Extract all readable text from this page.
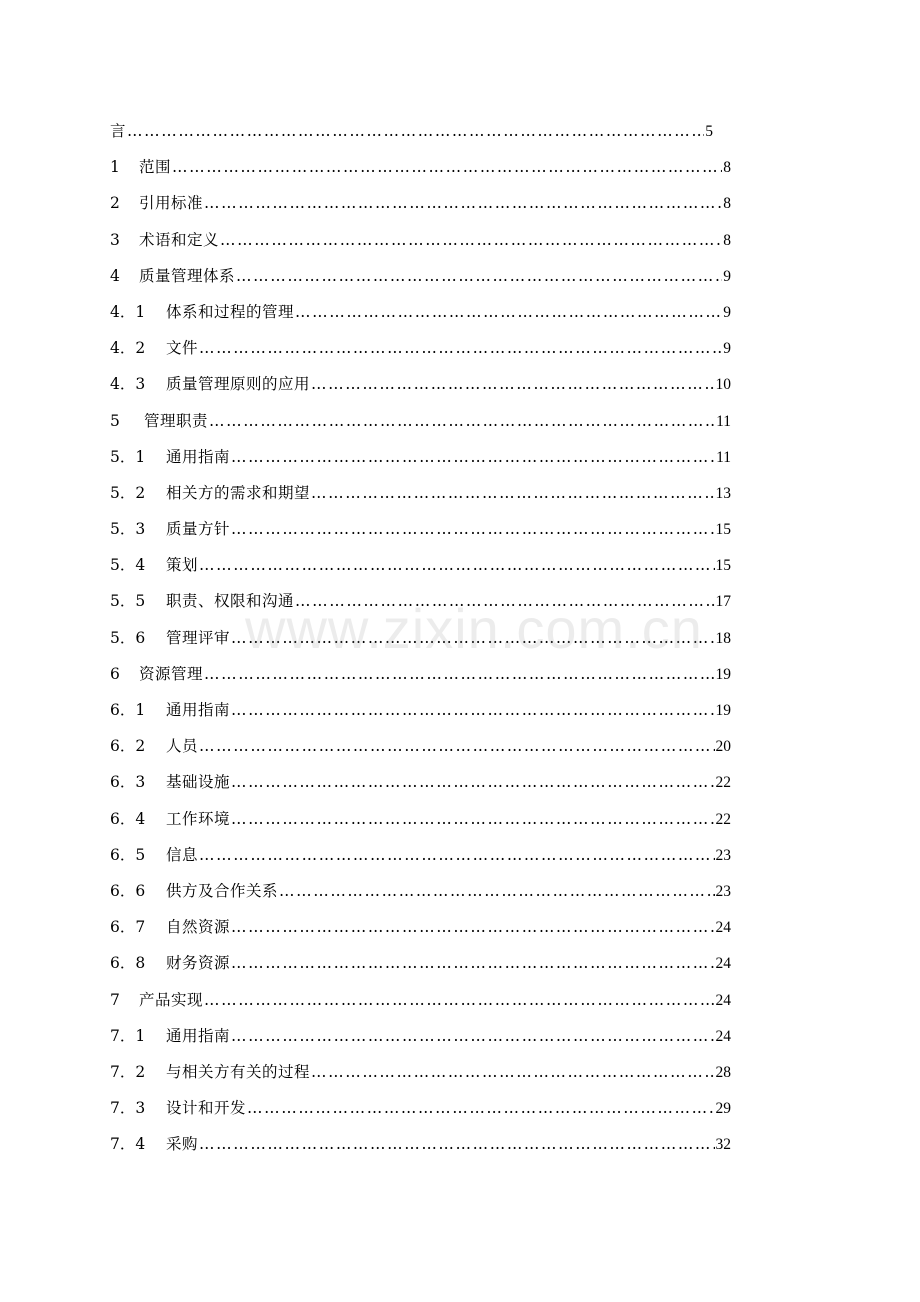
言 …………………………………………………………………………………………………………………………………………………………	5
1	范围 …………………………………………………………………………………………………………………………………………………………	8
2	引用标准 …………………………………………………………………………………………………………………………………………………………	8
3	术语和定义 …………………………………………………………………………………………………………………………………………………………	8
4	质量管理体系 …………………………………………………………………………………………………………………………………………………………	9
4．1	体系和过程的管理 …………………………………………………………………………………………………………………………………………………………	9
4．2	文件 …………………………………………………………………………………………………………………………………………………………	9
4．3	质量管理原则的应用 …………………………………………………………………………………………………………………………………………………………	10
5	管理职责 …………………………………………………………………………………………………………………………………………………………	11
5．1	通用指南 …………………………………………………………………………………………………………………………………………………………	11
5．2	相关方的需求和期望 …………………………………………………………………………………………………………………………………………………………	13
5．3	质量方针 …………………………………………………………………………………………………………………………………………………………	15
5．4	策划 …………………………………………………………………………………………………………………………………………………………	15
5．5	职责、权限和沟通 …………………………………………………………………………………………………………………………………………………………	17
5．6	管理评审 …………………………………………………………………………………………………………………………………………………………	18
6	资源管理 …………………………………………………………………………………………………………………………………………………………	19
6．1	通用指南 …………………………………………………………………………………………………………………………………………………………	19
6．2	人员 …………………………………………………………………………………………………………………………………………………………	20
6．3	基础设施 …………………………………………………………………………………………………………………………………………………………	22
6．4	工作环境 …………………………………………………………………………………………………………………………………………………………	22
6．5	信息 …………………………………………………………………………………………………………………………………………………………	23
6．6	供方及合作关系 …………………………………………………………………………………………………………………………………………………………	23
6．7	自然资源 …………………………………………………………………………………………………………………………………………………………	24
6．8	财务资源 …………………………………………………………………………………………………………………………………………………………	24
7	产品实现 …………………………………………………………………………………………………………………………………………………………	24
7．1	通用指南 …………………………………………………………………………………………………………………………………………………………	24
7．2	与相关方有关的过程 …………………………………………………………………………………………………………………………………………………………	28
7．3	设计和开发 …………………………………………………………………………………………………………………………………………………………	29
7．4	采购 …………………………………………………………………………………………………………………………………………………………	32
www.zixin.com.cn
